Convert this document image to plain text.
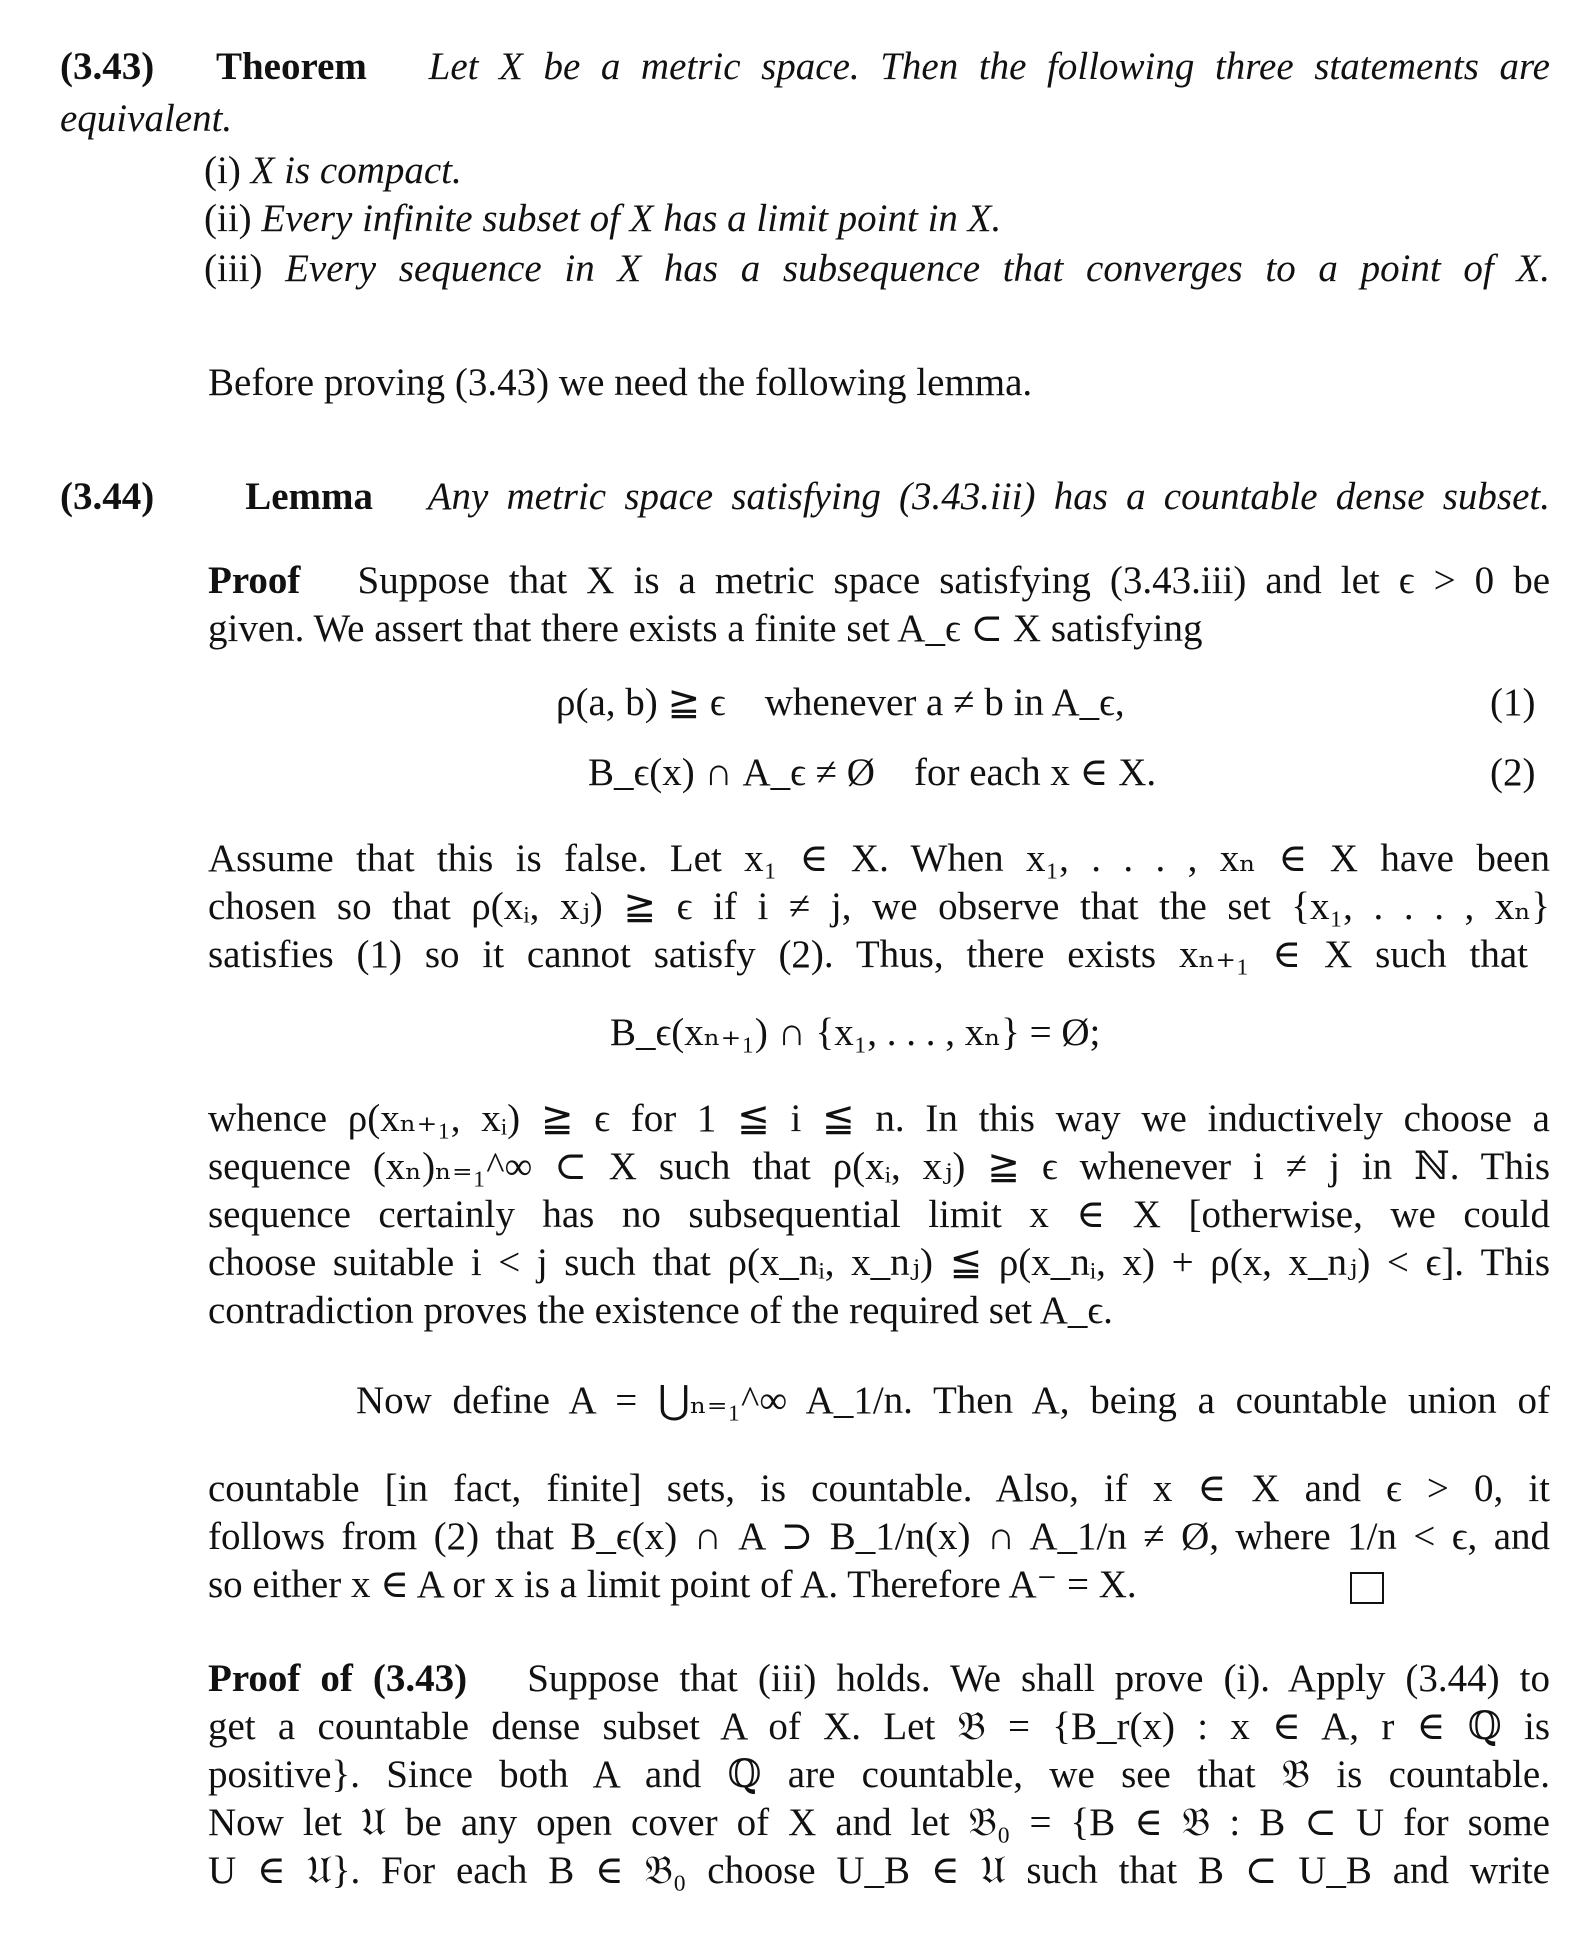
(3.43) Theorem Let X be a metric space. Then the following three statements are
equivalent.
(i) X is compact.
(ii) Every infinite subset of X has a limit point in X.
(iii) Every sequence in X has a subsequence that converges to a point of X.
Before proving (3.43) we need the following lemma.
(3.44) Lemma Any metric space satisfying (3.43.iii) has a countable dense subset.
Proof Suppose that X is a metric space satisfying (3.43.iii) and let ϵ > 0 be
given. We assert that there exists a finite set A_ϵ ⊂ X satisfying
ρ(a, b) ≧ ϵ whenever a ≠ b in A_ϵ,	(1)
B_ϵ(x) ∩ A_ϵ ≠ Ø for each x ∈ X.	(2)
Assume that this is false. Let x₁ ∈ X. When x₁, . . . , xₙ ∈ X have been
chosen so that ρ(xᵢ, xⱼ) ≧ ϵ if i ≠ j, we observe that the set {x₁, . . . , xₙ}
satisfies (1) so it cannot satisfy (2). Thus, there exists xₙ₊₁ ∈ X such that
B_ϵ(xₙ₊₁) ∩ {x₁, . . . , xₙ} = Ø;
whence ρ(xₙ₊₁, xᵢ) ≧ ϵ for 1 ≦ i ≦ n. In this way we inductively choose a
sequence (xₙ)ₙ₌₁^∞ ⊂ X such that ρ(xᵢ, xⱼ) ≧ ϵ whenever i ≠ j in ℕ. This
sequence certainly has no subsequential limit x ∈ X [otherwise, we could
choose suitable i < j such that ρ(x_nᵢ, x_nⱼ) ≦ ρ(x_nᵢ, x) + ρ(x, x_nⱼ) < ϵ]. This
contradiction proves the existence of the required set A_ϵ.
Now define A = ⋃ₙ₌₁^∞ A_1/n. Then A, being a countable union of
countable [in fact, finite] sets, is countable. Also, if x ∈ X and ϵ > 0, it
follows from (2) that B_ϵ(x) ∩ A ⊃ B_1/n(x) ∩ A_1/n ≠ Ø, where 1/n < ϵ, and
so either x ∈ A or x is a limit point of A. Therefore A⁻ = X.
Proof of (3.43) Suppose that (iii) holds. We shall prove (i). Apply (3.44) to
get a countable dense subset A of X. Let 𝔅 = {B_r(x) : x ∈ A, r ∈ ℚ is
positive}. Since both A and ℚ are countable, we see that 𝔅 is countable.
Now let 𝔘 be any open cover of X and let 𝔅₀ = {B ∈ 𝔅 : B ⊂ U for some
U ∈ 𝔘}. For each B ∈ 𝔅₀ choose U_B ∈ 𝔘 such that B ⊂ U_B and write
